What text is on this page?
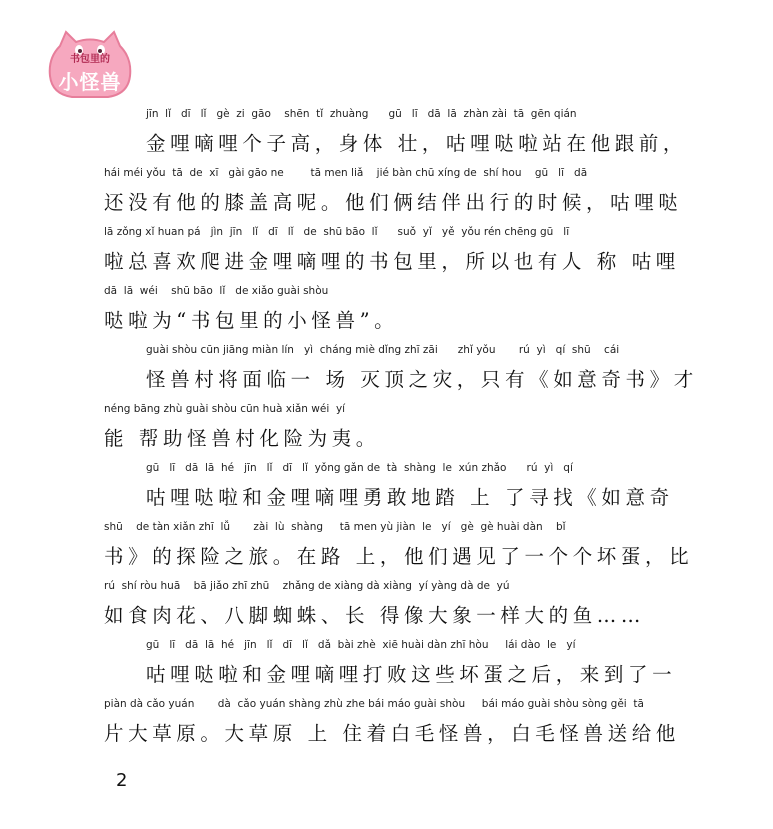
书包里的
小怪兽
jīn  lǐ   dī   lǐ   gè  zi  gāo    shēn  tǐ  zhuàng      gū   lī   dā  lā  zhàn zài  tā  gēn qián
金哩嘀哩个子高，身体 壮，咕哩哒啦站在他跟前，
hái méi yǒu  tā  de  xī   gài gāo ne        tā men liǎ    jié bàn chū xíng de  shí hou    gū   lī   dā
还没有他的膝盖高呢。他们俩结伴出行的时候，咕哩哒
lā zǒng xǐ huan pá   jìn  jīn   lǐ   dī   lǐ   de  shū bāo  lǐ      suǒ  yǐ   yě  yǒu rén chēng gū   lī
啦总喜欢爬进金哩嘀哩的书包里，所以也有人 称 咕哩
dā  lā  wéi    shū bāo  lǐ   de xiǎo guài shòu
哒啦为“书包里的小怪兽”。
guài shòu cūn jiāng miàn lín   yì  cháng miè dǐng zhī zāi      zhǐ yǒu       rú  yì   qí  shū    cái
怪兽村将面临一 场 灭顶之灾，只有《如意奇书》才
néng bāng zhù guài shòu cūn huà xiǎn wéi  yí
能 帮助怪兽村化险为夷。
gū   lī   dā  lā  hé   jīn   lǐ   dī   lǐ  yǒng gǎn de  tà  shàng  le  xún zhǎo      rú  yì   qí
咕哩哒啦和金哩嘀哩勇敢地踏 上 了寻找《如意奇
shū    de tàn xiǎn zhī  lǚ       zài  lù  shàng     tā men yù jiàn  le   yí   gè  gè huài dàn    bǐ
书》的探险之旅。在路 上，他们遇见了一个个坏蛋，比
rú  shí ròu huā    bā jiǎo zhī zhū    zhǎng de xiàng dà xiàng  yí yàng dà de  yú
如食肉花、八脚蜘蛛、长 得像大象一样大的鱼……
gū   lī   dā  lā  hé   jīn   lǐ   dī   lǐ   dǎ  bài zhè  xiē huài dàn zhī hòu     lái dào  le   yí
咕哩哒啦和金哩嘀哩打败这些坏蛋之后，来到了一
piàn dà cǎo yuán       dà  cǎo yuán shàng zhù zhe bái máo guài shòu     bái máo guài shòu sòng gěi  tā
片大草原。大草原 上 住着白毛怪兽，白毛怪兽送给他
2
